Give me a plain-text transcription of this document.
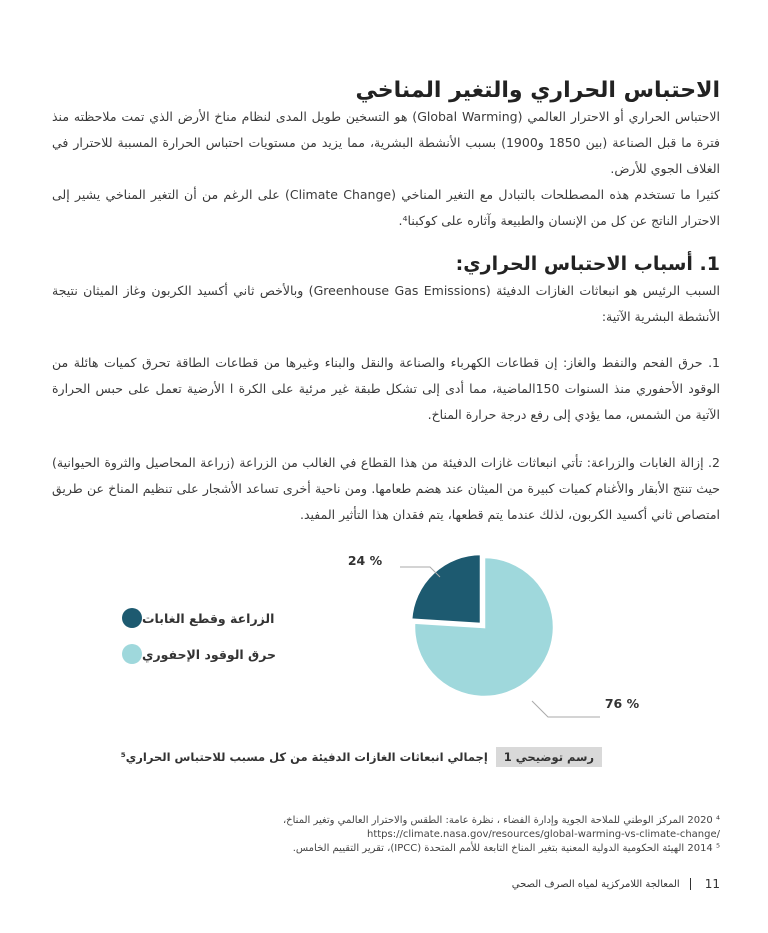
الاحتباس الحراري والتغير المناخي
الاحتباس الحراري أو الاحترار العالمي (Global Warming) هو التسخين طويل المدى لنظام مناخ الأرض الذي تمت ملاحظته منذ فترة ما قبل الصناعة (بين 1850 و1900) بسبب الأنشطة البشرية، مما يزيد من مستويات احتباس الحرارة المسببة للاحترار في الغلاف الجوي للأرض.
كثيرا ما تستخدم هذه المصطلحات بالتبادل مع التغير المناخي (Climate Change) على الرغم من أن التغير المناخي يشير إلى الاحترار الناتج عن كل من الإنسان والطبيعة وآثاره على كوكبنا⁴.
1. أسباب الاحتباس الحراري:
السبب الرئيس هو انبعاثات الغازات الدفيئة (Greenhouse Gas Emissions) وبالأخص ثاني أكسيد الكربون وغاز الميثان نتيجة الأنشطة البشرية الآتية:
1. حرق الفحم والنفط والغاز: إن قطاعات الكهرباء والصناعة والنقل والبناء وغيرها من قطاعات الطاقة تحرق كميات هائلة من الوقود الأحفوري منذ السنوات 150الماضية، مما أدى إلى تشكل طبقة غير مرئية على الكرة ا الأرضية تعمل على حبس الحرارة الآتية من الشمس، مما يؤدي إلى رفع درجة حرارة المناخ.
2. إزالة الغابات والزراعة: تأتي انبعاثات غازات الدفيئة من هذا القطاع في الغالب من الزراعة (زراعة المحاصيل والثروة الحيوانية) حيث تنتج الأبقار والأغنام كميات كبيرة من الميثان عند هضم طعامها. ومن ناحية أخرى تساعد الأشجار على تنظيم المناخ عن طريق امتصاص ثاني أكسيد الكربون، لذلك عندما يتم قطعها، يتم فقدان هذا التأثير المفيد.
24 %
76 %
الزراعة وقطع الغابات
حرق الوقود الإحفوري
رسم توضيحي 1
إجمالي انبعاثات الغازات الدفيئة من كل مسبب للاحتباس الحراري⁵
⁴ 2020 المركز الوطني للملاحة الجوية وإدارة الفضاء ، نظرة عامة: الطقس والاحترار العالمي وتغير المناخ،
https://climate.nasa.gov/resources/global-warming-vs-climate-change/
⁵ 2014 الهيئة الحكومية الدولية المعنية بتغير المناخ التابعة للأمم المتحدة (IPCC)، تقرير التقييم الخامس.
11
المعالجة اللامركزية لمياه الصرف الصحي
